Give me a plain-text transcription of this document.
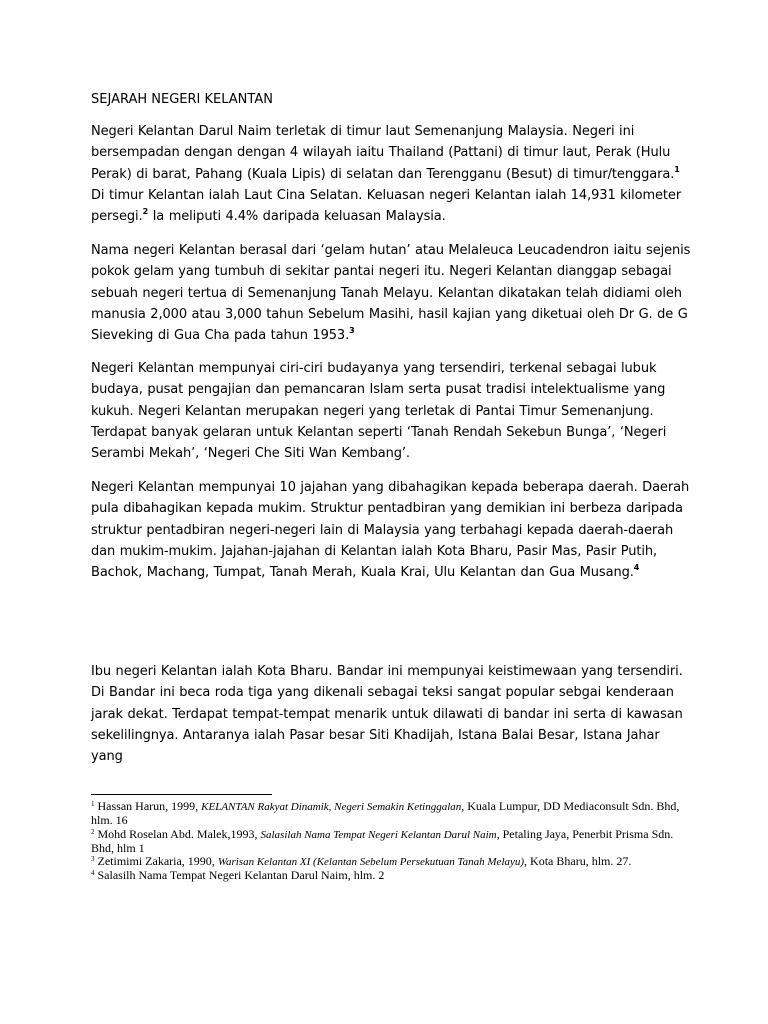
SEJARAH NEGERI KELANTAN

Negeri Kelantan Darul Naim terletak di timur laut Semenanjung Malaysia. Negeri ini bersempadan dengan dengan 4 wilayah iaitu Thailand (Pattani) di timur laut, Perak (Hulu Perak) di barat, Pahang (Kuala Lipis) di selatan dan Terengganu (Besut) di timur/tenggara.$^1$ Di timur Kelantan ialah Laut Cina Selatan. Keluasan negeri Kelantan ialah 14,931 kilometer persegi.$^2$ Ia meliputi 4.4% daripada keluasan Malaysia.

Nama negeri Kelantan berasal dari ‘gelam hutan’ atau Melaleuca Leucadendron iaitu sejenis pokok gelam yang tumbuh di sekitar pantai negeri itu. Negeri Kelantan dianggap sebagai sebuah negeri tertua di Semenanjung Tanah Melayu. Kelantan dikatakan telah didiami oleh manusia 2,000 atau 3,000 tahun Sebelum Masihi, hasil kajian yang diketuai oleh Dr G. de G Sieveking di Gua Cha pada tahun 1953.$^3$

Negeri Kelantan mempunyai ciri-ciri budayanya yang tersendiri, terkenal sebagai lubuk budaya, pusat pengajian dan pemancaran Islam serta pusat tradisi intelektualisme yang kukuh. Negeri Kelantan merupakan negeri yang terletak di Pantai Timur Semenanjung. Terdapat banyak gelaran untuk Kelantan seperti ‘Tanah Rendah Sekebun Bunga’, ‘Negeri Serambi Mekah’, ‘Negeri Che Siti Wan Kembang’.

Negeri Kelantan mempunyai 10 jajahan yang dibahagikan kepada beberapa daerah. Daerah pula dibahagikan kepada mukim. Struktur pentadbiran yang demikian ini berbeza daripada struktur pentadbiran negeri-negeri lain di Malaysia yang terbahagi kepada daerah-daerah dan mukim-mukim. Jajahan-jajahan di Kelantan ialah Kota Bharu, Pasir Mas, Pasir Putih, Bachok, Machang, Tumpat, Tanah Merah, Kuala Krai, Ulu Kelantan dan Gua Musang.$^4$

Ibu negeri Kelantan ialah Kota Bharu. Bandar ini mempunyai keistimewaan yang tersendiri. Di Bandar ini beca roda tiga yang dikenali sebagai teksi sangat popular sebgai kenderaan jarak dekat. Terdapat tempat-tempat menarik untuk dilawati di bandar ini serta di kawasan sekelilingnya. Antaranya ialah Pasar besar Siti Khadijah, Istana Balai Besar, Istana Jahar yang

$^1$ Hassan Harun, 1999, KELANTAN Rakyat Dinamik, Negeri Semakin Ketinggalan, Kuala Lumpur, DD Mediaconsult Sdn. Bhd, hlm. 16

$^2$ Mohd Roselan Abd. Malek,1993, Salasilah Nama Tempat Negeri Kelantan Darul Naim, Petaling Jaya, Penerbit Prisma Sdn. Bhd, hlm 1

$^3$ Zetimimi Zakaria, 1990, Warisan Kelantan XI (Kelantan Sebelum Persekutuan Tanah Melayu), Kota Bharu, hlm. 27.

$^4$ Salasilh Nama Tempat Negeri Kelantan Darul Naim, hlm. 2
